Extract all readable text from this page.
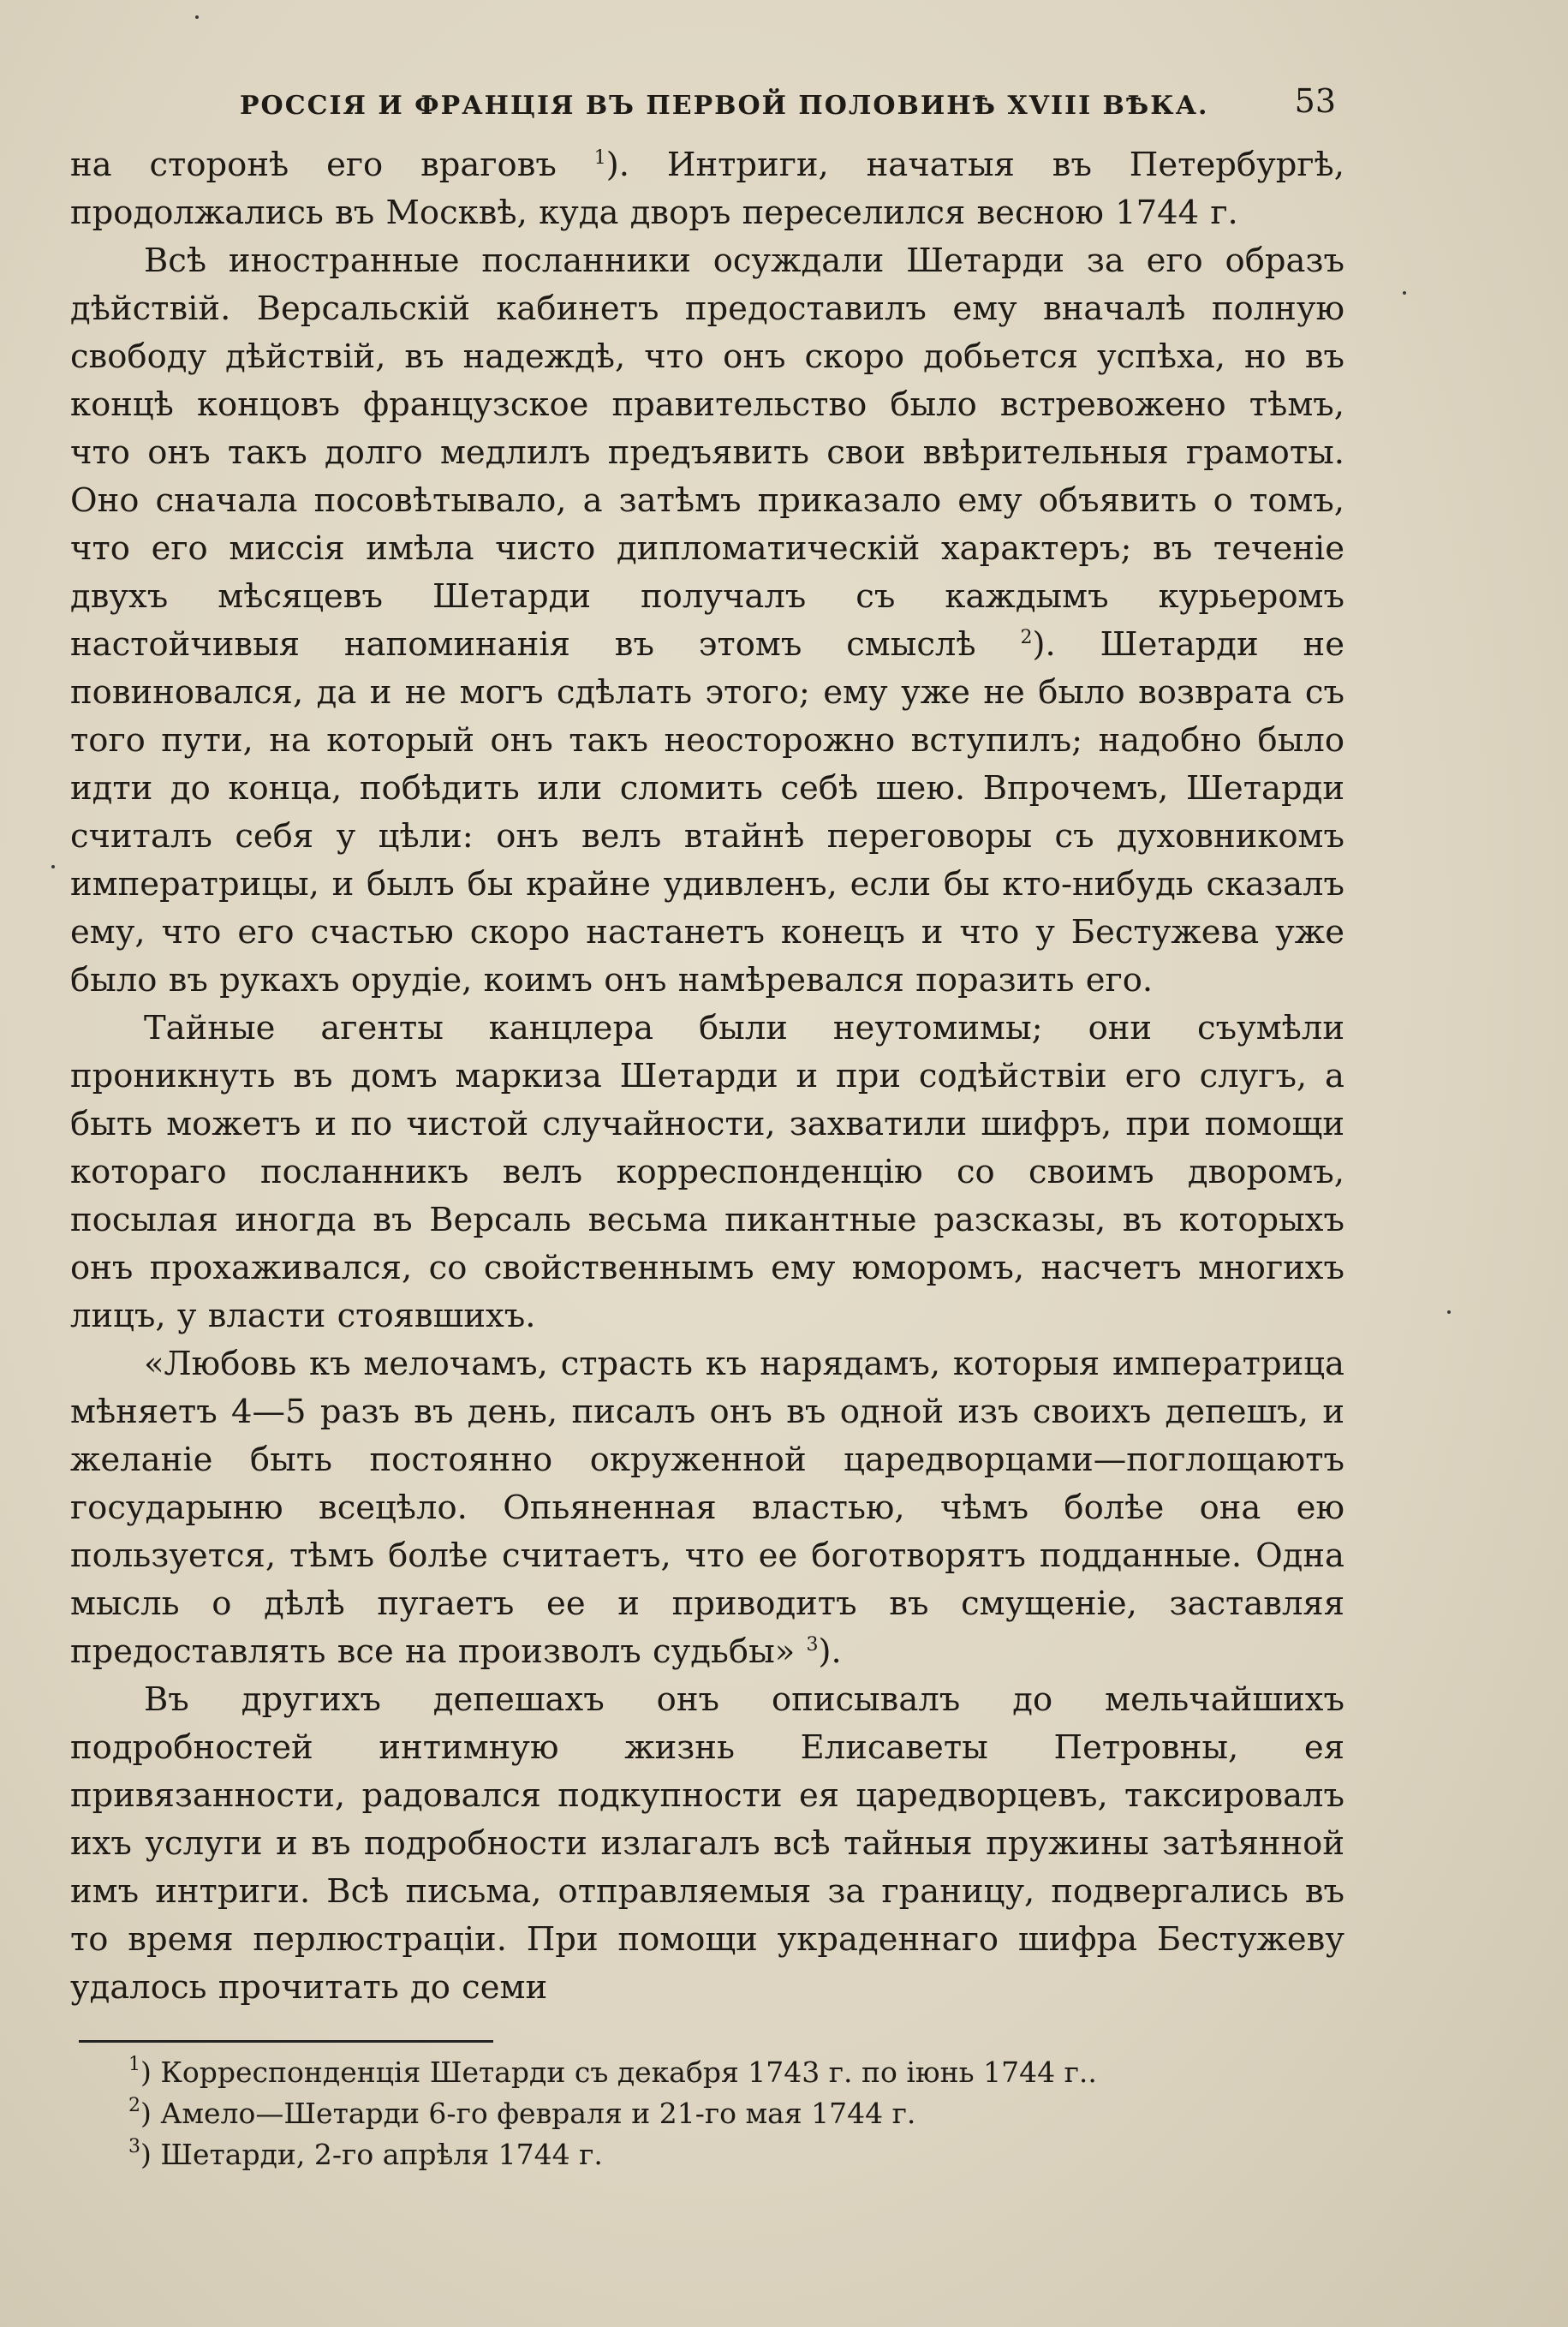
РОССІЯ И ФРАНЦІЯ ВЪ ПЕРВОЙ ПОЛОВИНѢ XVIII ВѢКА.	53

на сторонѣ его враговъ $^1$). Интриги, начатыя въ Петербургѣ, продолжались въ Москвѣ, куда дворъ переселился весною 1744 г.

Всѣ иностранные посланники осуждали Шетарди за его образъ дѣйствій. Версальскій кабинетъ предоставилъ ему вначалѣ полную свободу дѣйствій, въ надеждѣ, что онъ скоро добьется успѣха, но въ концѣ концовъ французское правительство было встревожено тѣмъ, что онъ такъ долго медлилъ предъявить свои ввѣрительныя грамоты. Оно сначала посовѣтывало, а затѣмъ приказало ему объявить о томъ, что его миссія имѣла чисто дипломатическій характеръ; въ теченіе двухъ мѣсяцевъ Шетарди получалъ съ каждымъ курьеромъ настойчивыя напоминанія въ этомъ смыслѣ $^2$). Шетарди не повиновался, да и не могъ сдѣлать этого; ему уже не было возврата съ того пути, на который онъ такъ неосторожно вступилъ; надобно было идти до конца, побѣдить или сломить себѣ шею. Впрочемъ, Шетарди считалъ себя у цѣли: онъ велъ втайнѣ переговоры съ духовникомъ императрицы, и былъ бы крайне удивленъ, если бы кто-нибудь сказалъ ему, что его счастью скоро настанетъ конецъ и что у Бестужева уже было въ рукахъ орудіе, коимъ онъ намѣревался поразить его.

Тайные агенты канцлера были неутомимы; они съумѣли проникнуть въ домъ маркиза Шетарди и при содѣйствіи его слугъ, а быть можетъ и по чистой случайности, захватили шифръ, при помощи котораго посланникъ велъ корреспонденцію со своимъ дворомъ, посылая иногда въ Версаль весьма пикантные разсказы, въ которыхъ онъ прохаживался, со свойственнымъ ему юморомъ, насчетъ многихъ лицъ, у власти стоявшихъ.

«Любовь къ мелочамъ, страсть къ нарядамъ, которыя императрица мѣняетъ 4—5 разъ въ день, писалъ онъ въ одной изъ своихъ депешъ, и желаніе быть постоянно окруженной царедворцами—поглощаютъ государыню всецѣло. Опьяненная властью, чѣмъ болѣе она ею пользуется, тѣмъ болѣе считаетъ, что ее боготворятъ подданные. Одна мысль о дѣлѣ пугаетъ ее и приводитъ въ смущеніе, заставляя предоставлять все на произволъ судьбы» $^3$).

Въ другихъ депешахъ онъ описывалъ до мельчайшихъ подробностей интимную жизнь Елисаветы Петровны, ея привязанности, радовался подкупности ея царедворцевъ, таксировалъ ихъ услуги и въ подробности излагалъ всѣ тайныя пружины затѣянной имъ интриги. Всѣ письма, отправляемыя за границу, подвергались въ то время перлюстраціи. При помощи украденнаго шифра Бестужеву удалось прочитать до семи

$^1$) Корреспонденція Шетарди съ декабря 1743 г. по іюнь 1744 г..

$^2$) Амело—Шетарди 6-го февраля и 21-го мая 1744 г.

$^3$) Шетарди, 2-го апрѣля 1744 г.
